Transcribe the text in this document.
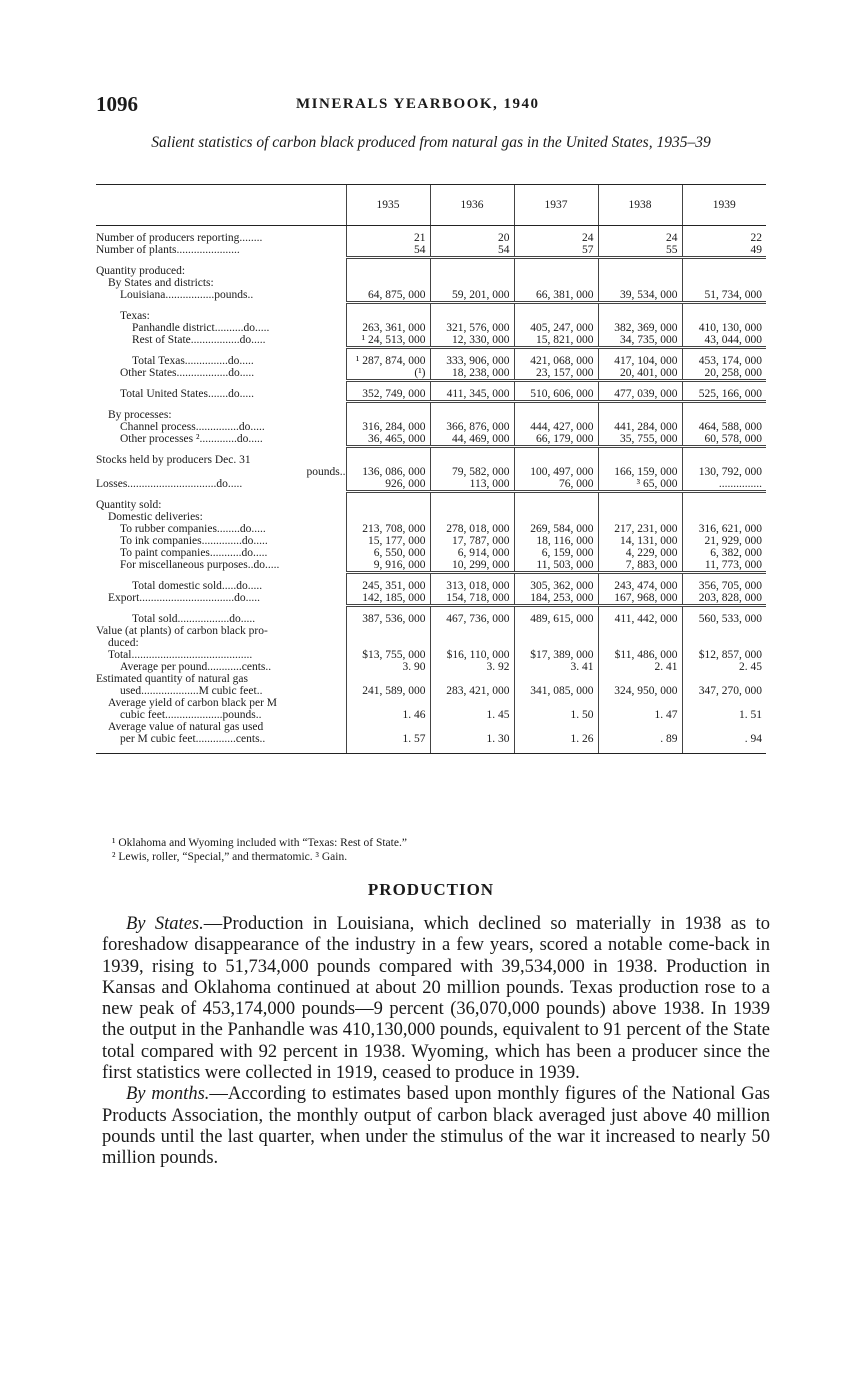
1096	MINERALS YEARBOOK, 1940
Salient statistics of carbon black produced from natural gas in the United States, 1935–39
	1935	1936	1937	1938	1939

Number of producers reporting........	21	20	24	24	22
Number of plants......................	54	54	57	55	49

Quantity produced:					
By States and districts:					
Louisiana.................pounds..	64, 875, 000	59, 201, 000	66, 381, 000	39, 534, 000	51, 734, 000

Texas:					
Panhandle district..........do.....	263, 361, 000	321, 576, 000	405, 247, 000	382, 369, 000	410, 130, 000
Rest of State.................do.....	¹ 24, 513, 000	12, 330, 000	15, 821, 000	34, 735, 000	43, 044, 000

Total Texas...............do.....	¹ 287, 874, 000	333, 906, 000	421, 068, 000	417, 104, 000	453, 174, 000
Other States..................do.....	(¹)	18, 238, 000	23, 157, 000	20, 401, 000	20, 258, 000

Total United States.......do.....	352, 749, 000	411, 345, 000	510, 606, 000	477, 039, 000	525, 166, 000

By processes:					
Channel process...............do.....	316, 284, 000	366, 876, 000	444, 427, 000	441, 284, 000	464, 588, 000
Other processes ².............do.....	36, 465, 000	44, 469, 000	66, 179, 000	35, 755, 000	60, 578, 000

Stocks held by producers Dec. 31					
pounds..	136, 086, 000	79, 582, 000	100, 497, 000	166, 159, 000	130, 792, 000
Losses...............................do.....	926, 000	113, 000	76, 000	³ 65, 000	...............

Quantity sold:					
Domestic deliveries:					
To rubber companies........do.....	213, 708, 000	278, 018, 000	269, 584, 000	217, 231, 000	316, 621, 000
To ink companies..............do.....	15, 177, 000	17, 787, 000	18, 116, 000	14, 131, 000	21, 929, 000
To paint companies...........do.....	6, 550, 000	6, 914, 000	6, 159, 000	4, 229, 000	6, 382, 000
For miscellaneous purposes..do.....	9, 916, 000	10, 299, 000	11, 503, 000	7, 883, 000	11, 773, 000

Total domestic sold.....do.....	245, 351, 000	313, 018, 000	305, 362, 000	243, 474, 000	356, 705, 000
Export.................................do.....	142, 185, 000	154, 718, 000	184, 253, 000	167, 968, 000	203, 828, 000

Total sold..................do.....	387, 536, 000	467, 736, 000	489, 615, 000	411, 442, 000	560, 533, 000
Value (at plants) of carbon black pro-					
duced:					
Total..........................................	$13, 755, 000	$16, 110, 000	$17, 389, 000	$11, 486, 000	$12, 857, 000
Average per pound............cents..	3. 90	3. 92	3. 41	2. 41	2. 45
Estimated quantity of natural gas					
used....................M cubic feet..	241, 589, 000	283, 421, 000	341, 085, 000	324, 950, 000	347, 270, 000
Average yield of carbon black per M					
cubic feet....................pounds..	1. 46	1. 45	1. 50	1. 47	1. 51
Average value of natural gas used					
per M cubic feet..............cents..	1. 57	1. 30	1. 26	. 89	. 94

¹ Oklahoma and Wyoming included with “Texas: Rest of State.”
² Lewis, roller, “Special,” and thermatomic. ³ Gain.
PRODUCTION

By States.—Production in Louisiana, which declined so materially in 1938 as to foreshadow disappearance of the industry in a few years, scored a notable come-back in 1939, rising to 51,734,000 pounds compared with 39,534,000 in 1938. Production in Kansas and Oklahoma continued at about 20 million pounds. Texas production rose to a new peak of 453,174,000 pounds—9 percent (36,070,000 pounds) above 1938. In 1939 the output in the Panhandle was 410,130,000 pounds, equivalent to 91 percent of the State total compared with 92 percent in 1938. Wyoming, which has been a producer since the first statistics were collected in 1919, ceased to produce in 1939.

By months.—According to estimates based upon monthly figures of the National Gas Products Association, the monthly output of carbon black averaged just above 40 million pounds until the last quarter, when under the stimulus of the war it increased to nearly 50 million pounds.
